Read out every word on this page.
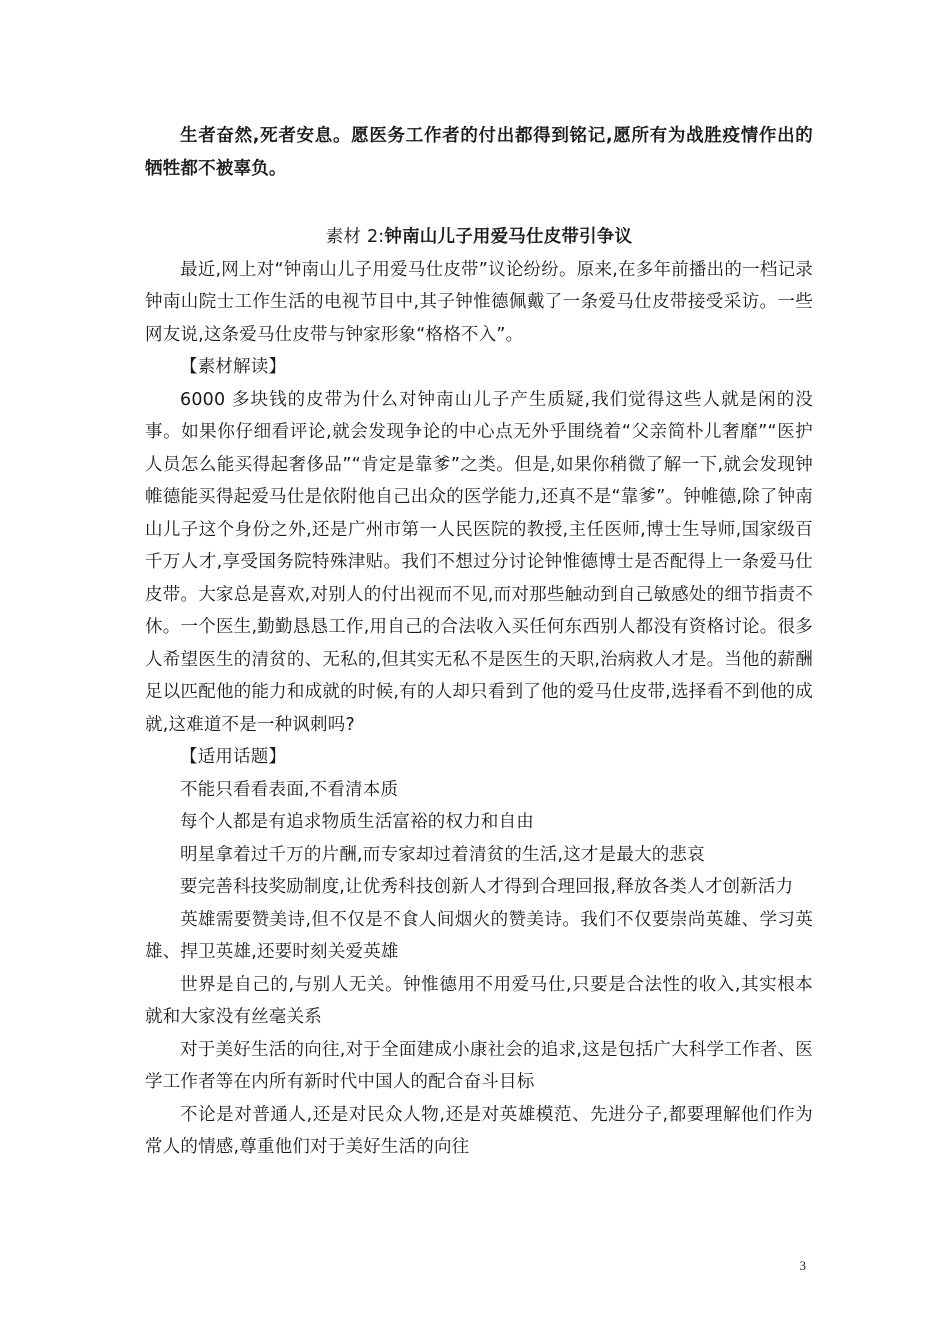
生者奋然,死者安息。愿医务工作者的付出都得到铭记,愿所有为战胜疫情作出的牺牲都不被辜负。

素材 2:钟南山儿子用爱马仕皮带引争议

最近,网上对“钟南山儿子用爱马仕皮带”议论纷纷。原来,在多年前播出的一档记录钟南山院士工作生活的电视节目中,其子钟惟德佩戴了一条爱马仕皮带接受采访。一些网友说,这条爱马仕皮带与钟家形象“格格不入”。

【素材解读】

6000 多块钱的皮带为什么对钟南山儿子产生质疑,我们觉得这些人就是闲的没事。如果你仔细看评论,就会发现争论的中心点无外乎围绕着“父亲简朴儿奢靡”“医护人员怎么能买得起奢侈品”“肯定是靠爹”之类。但是,如果你稍微了解一下,就会发现钟帷德能买得起爱马仕是依附他自己出众的医学能力,还真不是“靠爹”。钟帷德,除了钟南山儿子这个身份之外,还是广州市第一人民医院的教授,主任医师,博士生导师,国家级百千万人才,享受国务院特殊津贴。我们不想过分讨论钟惟德博士是否配得上一条爱马仕皮带。大家总是喜欢,对别人的付出视而不见,而对那些触动到自己敏感处的细节指责不休。一个医生,勤勤恳恳工作,用自己的合法收入买任何东西别人都没有资格讨论。很多人希望医生的清贫的、无私的,但其实无私不是医生的天职,治病救人才是。当他的薪酬足以匹配他的能力和成就的时候,有的人却只看到了他的爱马仕皮带,选择看不到他的成就,这难道不是一种讽刺吗?

【适用话题】

不能只看看表面,不看清本质

每个人都是有追求物质生活富裕的权力和自由

明星拿着过千万的片酬,而专家却过着清贫的生活,这才是最大的悲哀

要完善科技奖励制度,让优秀科技创新人才得到合理回报,释放各类人才创新活力

英雄需要赞美诗,但不仅是不食人间烟火的赞美诗。我们不仅要崇尚英雄、学习英雄、捍卫英雄,还要时刻关爱英雄

世界是自己的,与别人无关。钟惟德用不用爱马仕,只要是合法性的收入,其实根本就和大家没有丝毫关系

对于美好生活的向往,对于全面建成小康社会的追求,这是包括广大科学工作者、医学工作者等在内所有新时代中国人的配合奋斗目标

不论是对普通人,还是对民众人物,还是对英雄模范、先进分子,都要理解他们作为常人的情感,尊重他们对于美好生活的向往

3
